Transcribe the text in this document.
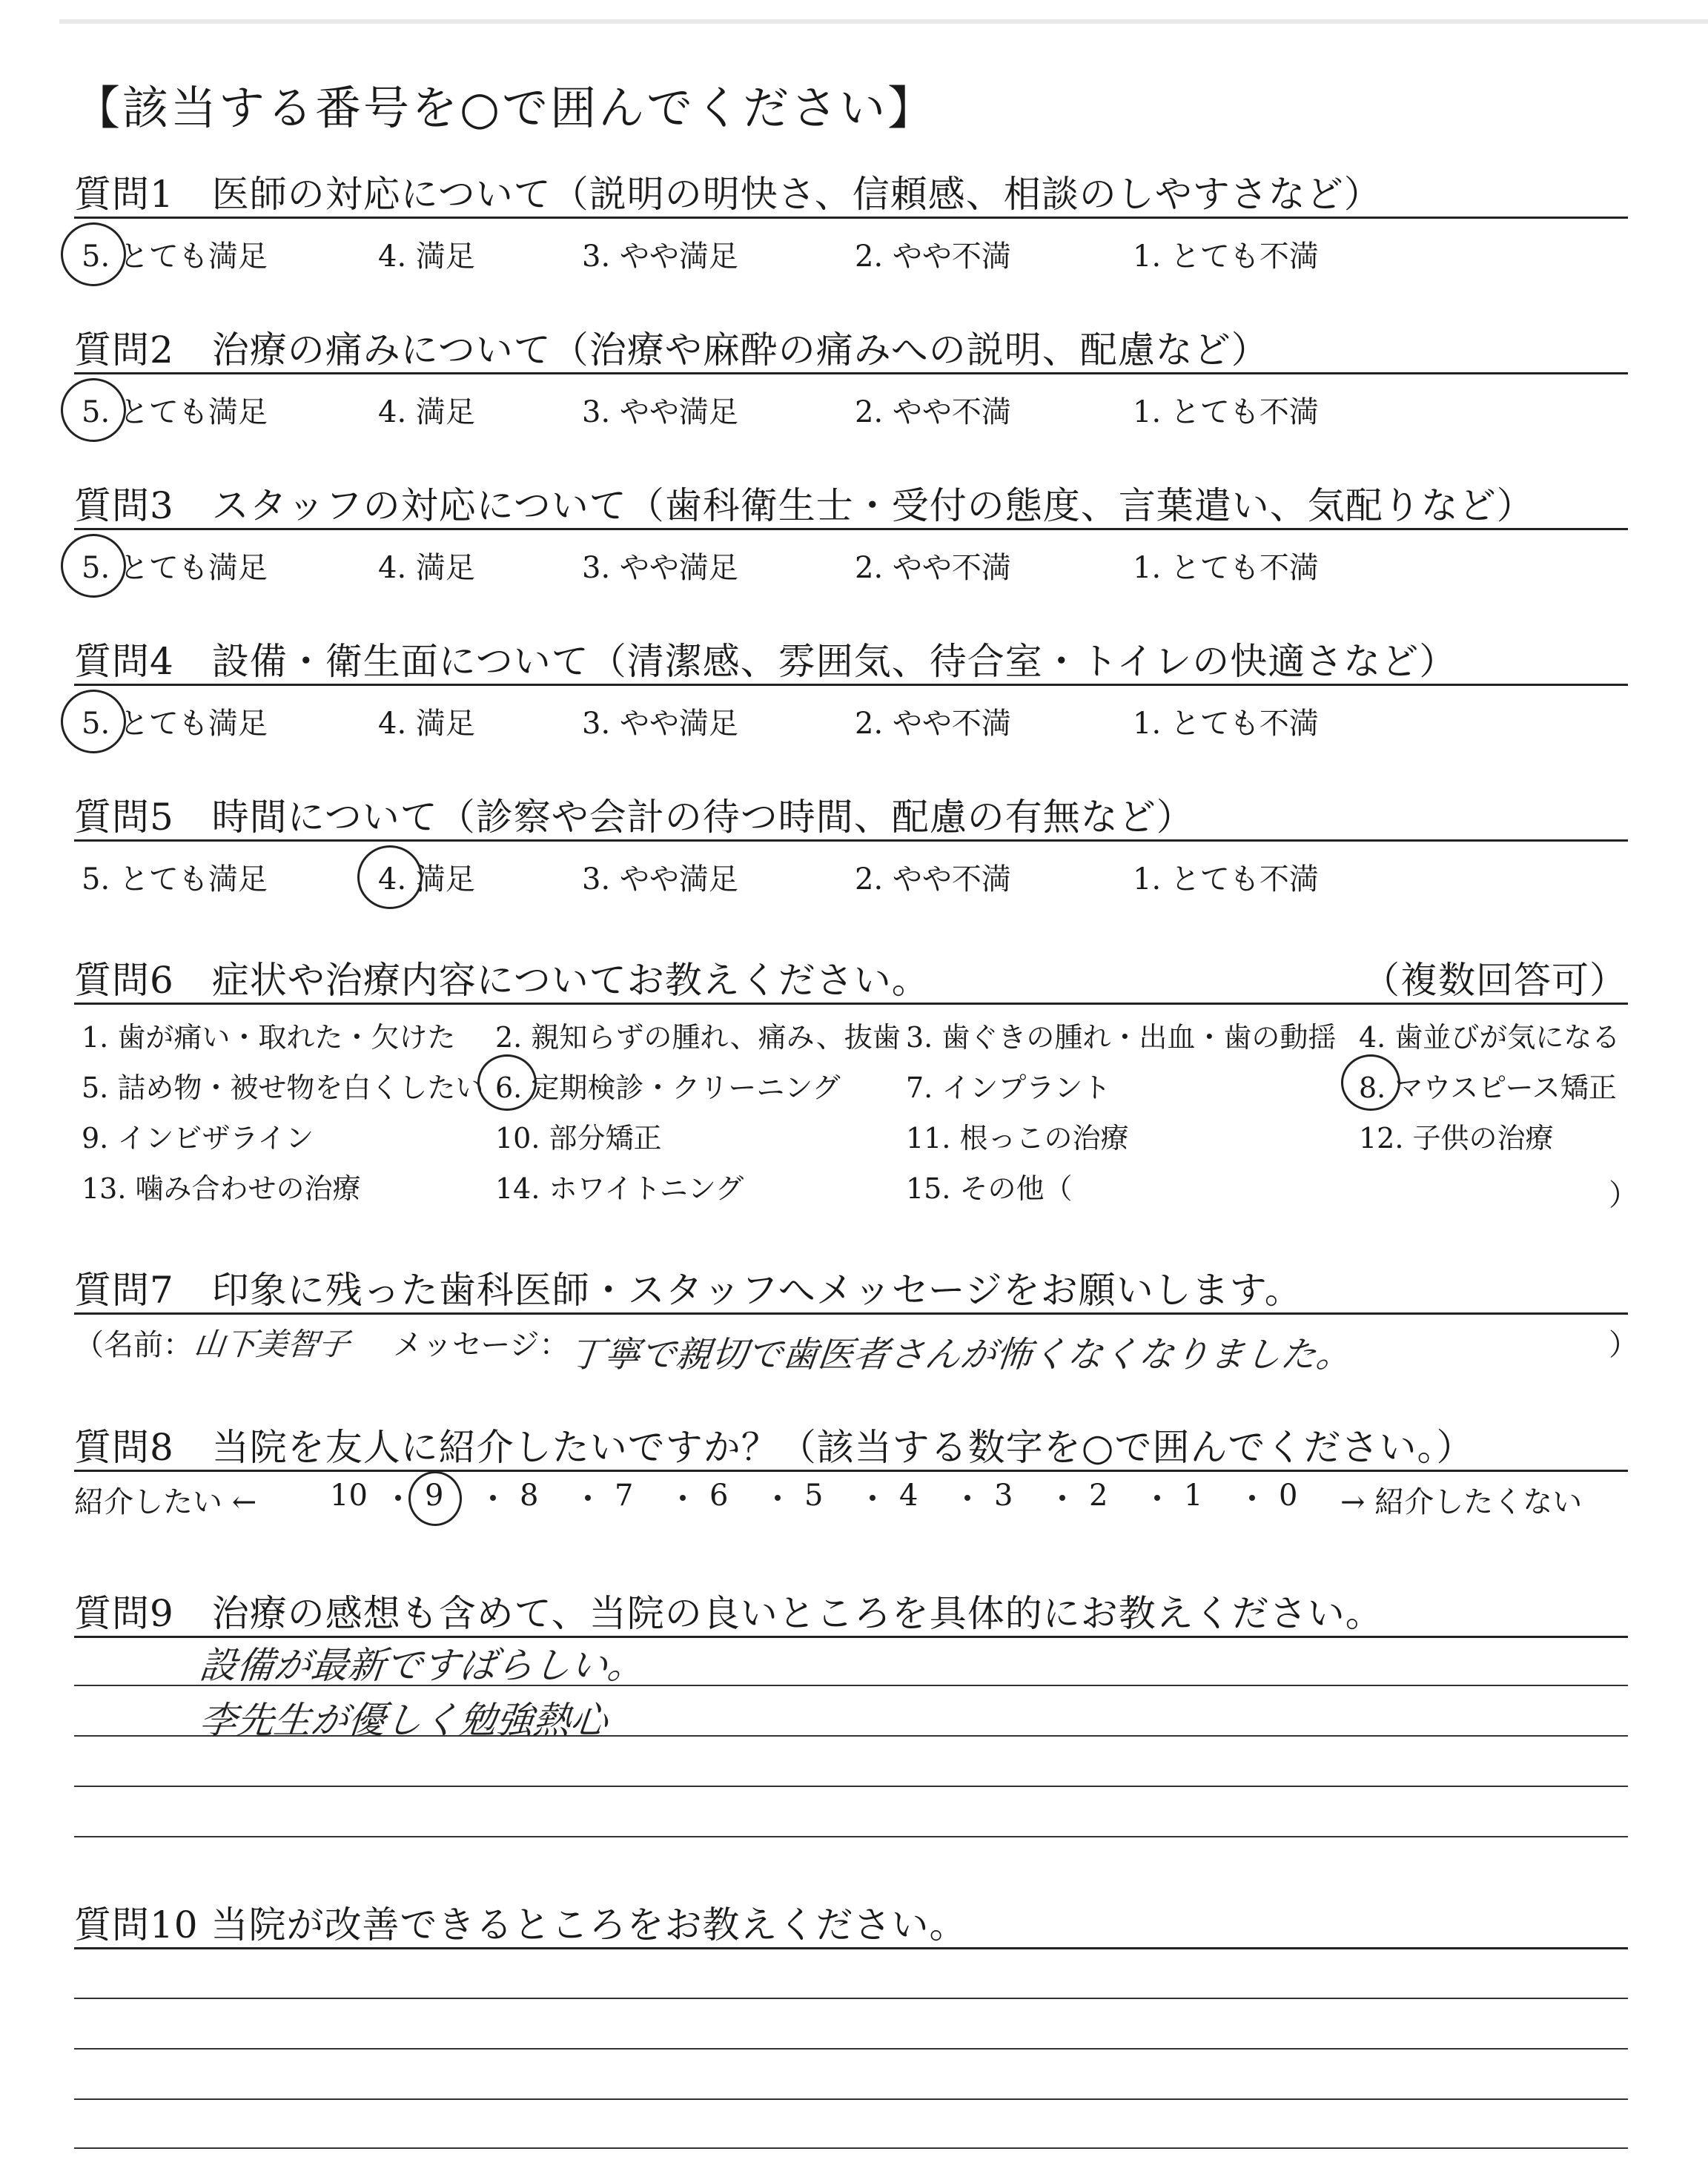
【該当する番号を○で囲んでください】
質問1　医師の対応について（説明の明快さ、信頼感、相談のしやすさなど）
5. とても満足	4. 満足	3. やや満足	2. やや不満	1. とても不満
質問2　治療の痛みについて（治療や麻酔の痛みへの説明、配慮など）
5. とても満足	4. 満足	3. やや満足	2. やや不満	1. とても不満
質問3　スタッフの対応について（歯科衛生士・受付の態度、言葉遣い、気配りなど）
5. とても満足	4. 満足	3. やや満足	2. やや不満	1. とても不満
質問4　設備・衛生面について（清潔感、雰囲気、待合室・トイレの快適さなど）
5. とても満足	4. 満足	3. やや満足	2. やや不満	1. とても不満
質問5　時間について（診察や会計の待つ時間、配慮の有無など）
5. とても満足	4. 満足	3. やや満足	2. やや不満	1. とても不満
質問6　症状や治療内容についてお教えください。	（複数回答可）
1. 歯が痛い・取れた・欠けた 2. 親知らずの腫れ、痛み、抜歯 3. 歯ぐきの腫れ・出血・歯の動揺 4. 歯並びが気になる
5. 詰め物・被せ物を白くしたい 6. 定期検診・クリーニング 7. インプラント	8. マウスピース矯正
9. インビザライン	10. 部分矯正	11. 根っこの治療	12. 子供の治療
13. 噛み合わせの治療	14. ホワイトニング	15. その他（	）
質問7　印象に残った歯科医師・スタッフへメッセージをお願いします。
（名前： 山下美智子 メッセージ：
丁寧で親切で歯医者さんが怖くなくなりました。	）
質問8　当院を友人に紹介したいですか？（該当する数字を○で囲んでください。）
紹介したい ← 10 9	8	7	6	5	4	3	2	1	0 → 紹介したくない
質問9　治療の感想も含めて、当院の良いところを具体的にお教えください。
設備が最新ですばらしい。
李先生が優しく勉強熱心
質問10 当院が改善できるところをお教えください。
